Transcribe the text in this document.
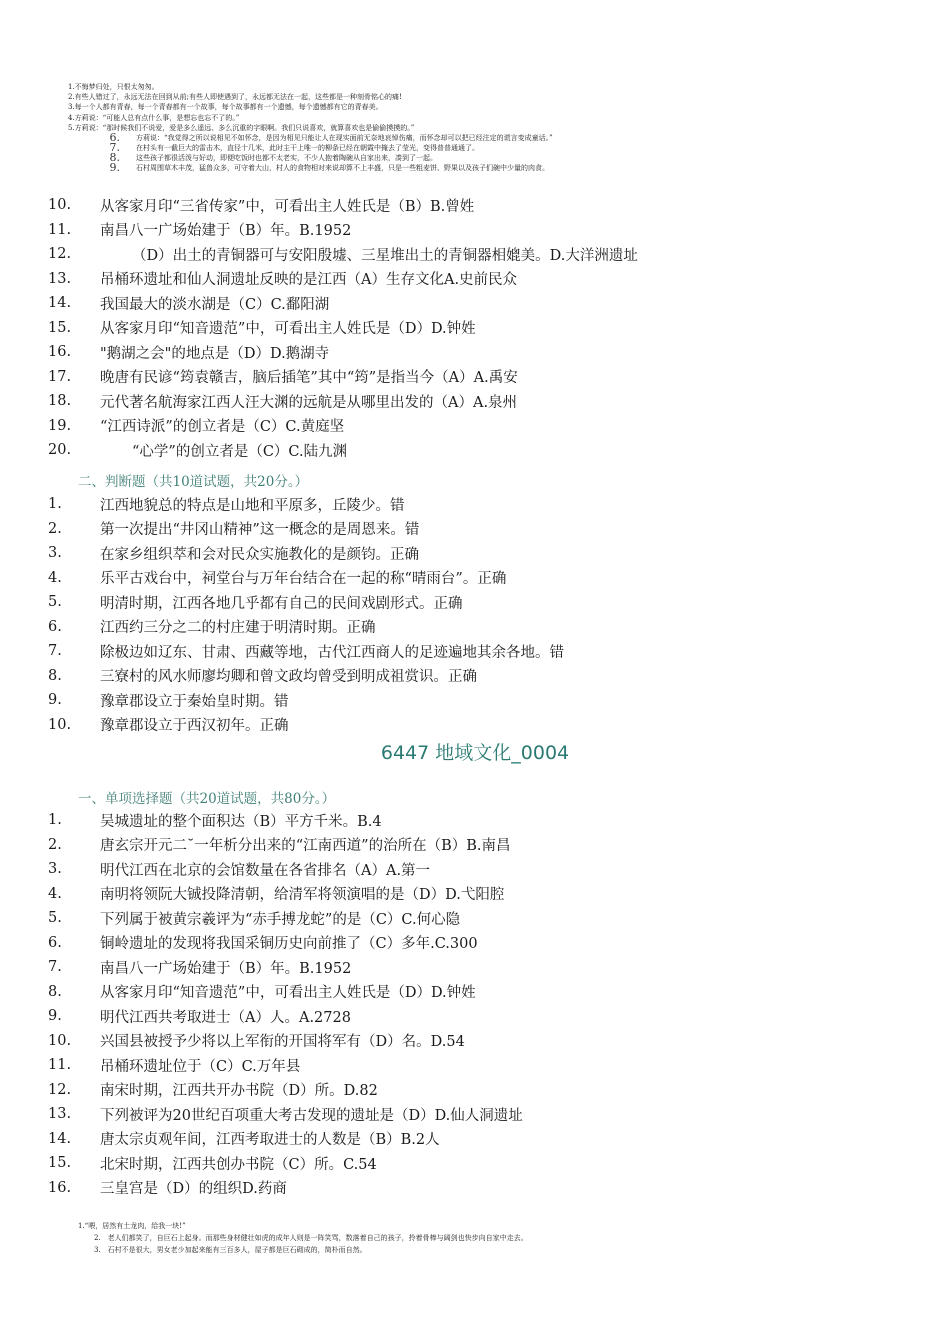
1.不悔梦归处，只恨太匆匆。
2.有些人错过了，永远无法在回到从前;有些人即使遇到了，永远都无法在一起，这些都是一种刻骨铭心的痛!
3.每一个人都有青春，每一个青春都有一个故事，每个故事都有一个遗憾，每个遗憾都有它的青春美。
4.方莉说：“可能人总有点什么事，是想忘也忘不了的。”
5.方莉说：“那时候我们不说爱，爱是多么遥远、多么沉重的字眼啊。我们只说喜欢，就算喜欢也是偷偷摸摸的。”
6.	方莉说：“我觉得之所以说相见不如怀念，是因为相见只能让人在现实面前无奈地哀悼伤痛，而怀念却可以把已经注定的谎言变成童话。”
7.	在村头有一截巨大的雷击木，直径十几米，此时主干上唯一的柳条已经在朝霞中掩去了莹光，变得普普通通了。
8.	这些孩子都很活泼与好动，即便吃饭时也都不太老实，不少人抱着陶碗从自家出来，凑到了一起。
9.	石村周围草木丰茂，猛兽众多，可守着大山，村人的食物相对来说却算不上丰盛，只是一些粗麦饼、野果以及孩子们碗中少量的肉食。
10.	从客家月印“三省传家”中，可看出主人姓氏是（B）B.曾姓
11.	南昌八一广场始建于（B）年。B.1952
12.	（D）出土的青铜器可与安阳殷墟、三星堆出土的青铜器相媲美。D.大洋洲遗址
13.	吊桶环遗址和仙人洞遗址反映的是江西（A）生存文化A.史前民众
14.	我国最大的淡水湖是（C）C.鄱阳湖
15.	从客家月印“知音遗范”中，可看出主人姓氏是（D）D.钟姓
16.	"鹅湖之会"的地点是（D）D.鹅湖寺
17.	晚唐有民谚“筠袁赣吉，脑后插笔”其中“筠”是指当今（A）A.禹安
18.	元代著名航海家江西人汪大渊的远航是从哪里出发的（A）A.泉州
19.	“江西诗派”的创立者是（C）C.黄庭坚
20.	“心学”的创立者是（C）C.陆九渊
二、判断题（共10道试题，共20分。）
1.	江西地貌总的特点是山地和平原多，丘陵少。错
2.	第一次提出“井冈山精神”这一概念的是周恩来。错
3.	在家乡组织萃和会对民众实施教化的是颜钧。正确
4.	乐平古戏台中，祠堂台与万年台结合在一起的称“晴雨台”。正确
5.	明清时期，江西各地几乎都有自己的民间戏剧形式。正确
6.	江西约三分之二的村庄建于明清时期。正确
7.	除极边如辽东、甘肃、西藏等地，古代江西商人的足迹遍地其余各地。错
8.	三寮村的风水师廖均卿和曾文政均曾受到明成祖赏识。正确
9.	豫章郡设立于秦始皇时期。错
10.	豫章郡设立于西汉初年。正确
6447 地域文化_0004
一、单项选择题（共20道试题，共80分。）
1.	吴城遗址的整个面积达（B）平方千米。B.4
2.	唐玄宗开元二˘一年析分出来的“江南西道”的治所在（B）B.南昌
3.	明代江西在北京的会馆数量在各省排名（A）A.第一
4.	南明将领阮大铖投降清朝，给清军将领演唱的是（D）D.弋阳腔
5.	下列属于被黄宗羲评为“赤手搏龙蛇”的是（C）C.何心隐
6.	铜岭遗址的发现将我国采铜历史向前推了（C）多年.C.300
7.	南昌八一广场始建于（B）年。B.1952
8.	从客家月印“知音遗范”中，可看出主人姓氏是（D）D.钟姓
9.	明代江西共考取进士（A）人。A.2728
10.	兴国县被授予少将以上军衔的开国将军有（D）名。D.54
11.	吊桶环遗址位于（C）C.万年县
12.	南宋时期，江西共开办书院（D）所。D.82
13.	下列被评为20世纪百项重大考古发现的遗址是（D）D.仙人洞遗址
14.	唐太宗贞观年间，江西考取进士的人数是（B）B.2人
15.	北宋时期，江西共创办书院（C）所。C.54
16.	三皇宫是（D）的组织D.药商
1.“喂，居然有土龙肉，给我一块!”
2.　老人们都笑了，自巨石上起身。而那些身材健壮如虎的成年人则是一阵笑骂，数落着自己的孩子，拎着骨棒与阔剑也快步向自家中走去。
3.　石村不是很大，男女老少加起来能有三百多人，屋子都是巨石砌成的，简朴而自然。
